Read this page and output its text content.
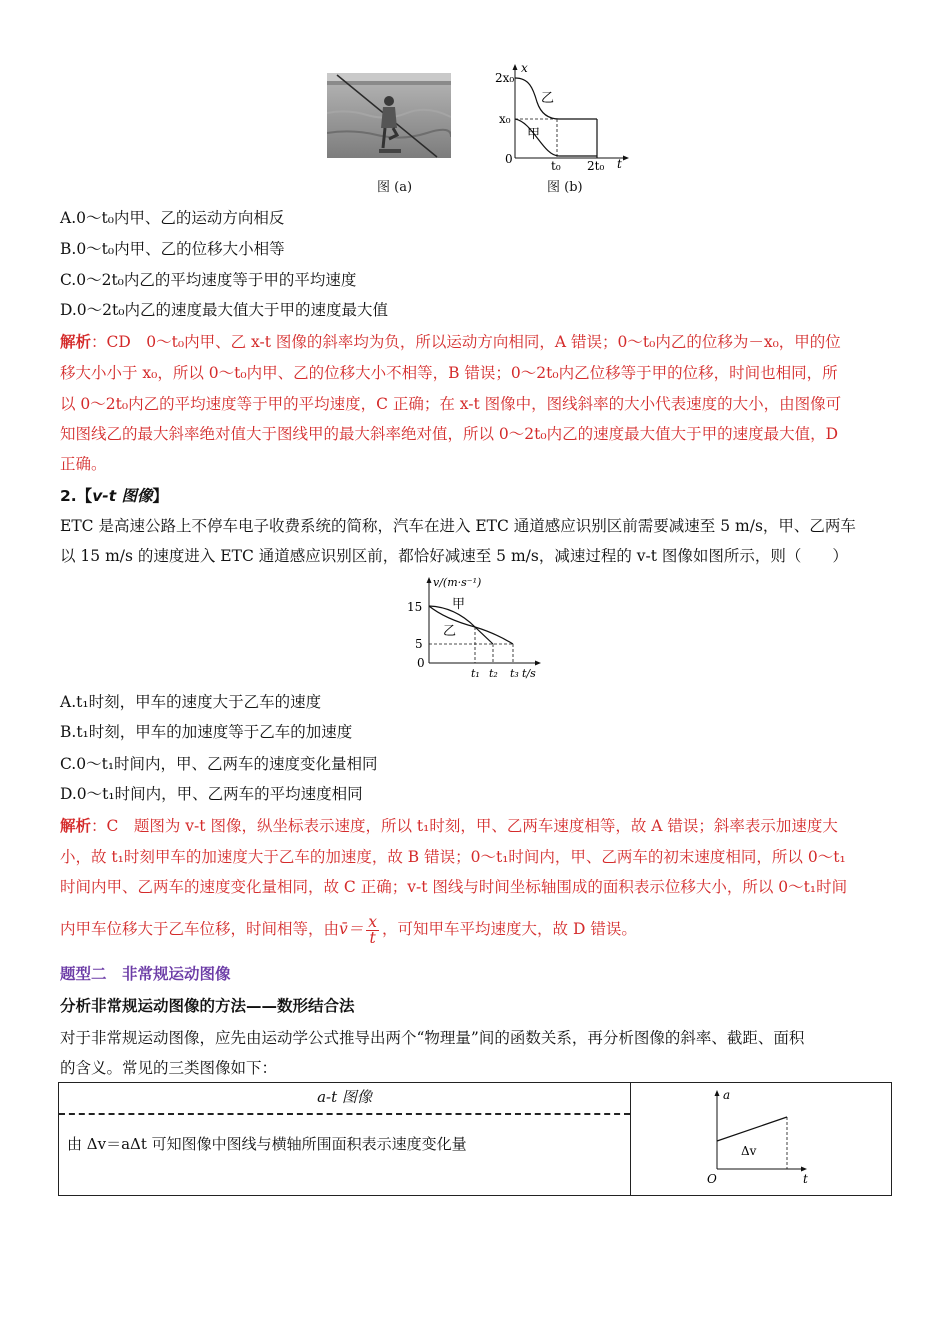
x
t
2x₀
x₀
0	t₀ 2t₀
乙
甲
图 (a)	图 (b)
A.0～t₀内甲、乙的运动方向相反
B.0～t₀内甲、乙的位移大小相等
C.0～2t₀内乙的平均速度等于甲的平均速度
D.0～2t₀内乙的速度最大值大于甲的速度最大值
解析：CD　0～t₀内甲、乙 x-t 图像的斜率均为负，所以运动方向相同，A 错误；0～t₀内乙的位移为－x₀，甲的位
移大小小于 x₀，所以 0～t₀内甲、乙的位移大小不相等，B 错误；0～2t₀内乙位移等于甲的位移，时间也相同，所
以 0～2t₀内乙的平均速度等于甲的平均速度，C 正确；在 x-t 图像中，图线斜率的大小代表速度的大小，由图像可
知图线乙的最大斜率绝对值大于图线甲的最大斜率绝对值，所以 0～2t₀内乙的速度最大值大于甲的速度最大值，D
正确。
2.【v-t 图像】
ETC 是高速公路上不停车电子收费系统的简称，汽车在进入 ETC 通道感应识别区前需要减速至 5 m/s，甲、乙两车
以 15 m/s 的速度进入 ETC 通道感应识别区前，都恰好减速至 5 m/s，减速过程的 v-t 图像如图所示，则（　　）
v/(m·s⁻¹)
t/s
15
5
0
t₁ t₂ t₃
甲
乙
A.t₁时刻，甲车的速度大于乙车的速度
B.t₁时刻，甲车的加速度等于乙车的加速度
C.0～t₁时间内，甲、乙两车的速度变化量相同
D.0～t₁时间内，甲、乙两车的平均速度相同
解析：C　题图为 v-t 图像，纵坐标表示速度，所以 t₁时刻，甲、乙两车速度相等，故 A 错误；斜率表示加速度大
小，故 t₁时刻甲车的加速度大于乙车的加速度，故 B 错误；0～t₁时间内，甲、乙两车的初末速度相同，所以 0～t₁
时间内甲、乙两车的速度变化量相同，故 C 正确；v-t 图线与时间坐标轴围成的面积表示位移大小，所以 0～t₁时间
内甲车位移大于乙车位移，时间相等，由v̄＝ $\frac{x}{t}$ ，可知甲车平均速度大，故 D 错误。
题型二　非常规运动图像
分析非常规运动图像的方法——数形结合法
对于非常规运动图像，应先由运动学公式推导出两个“物理量”间的函数关系，再分析图像的斜率、截距、面积
的含义。常见的三类图像如下：
a-t 图像
由 Δv＝aΔt 可知图像中图线与横轴所围面积表示速度变化量

a
t
O
Δv
